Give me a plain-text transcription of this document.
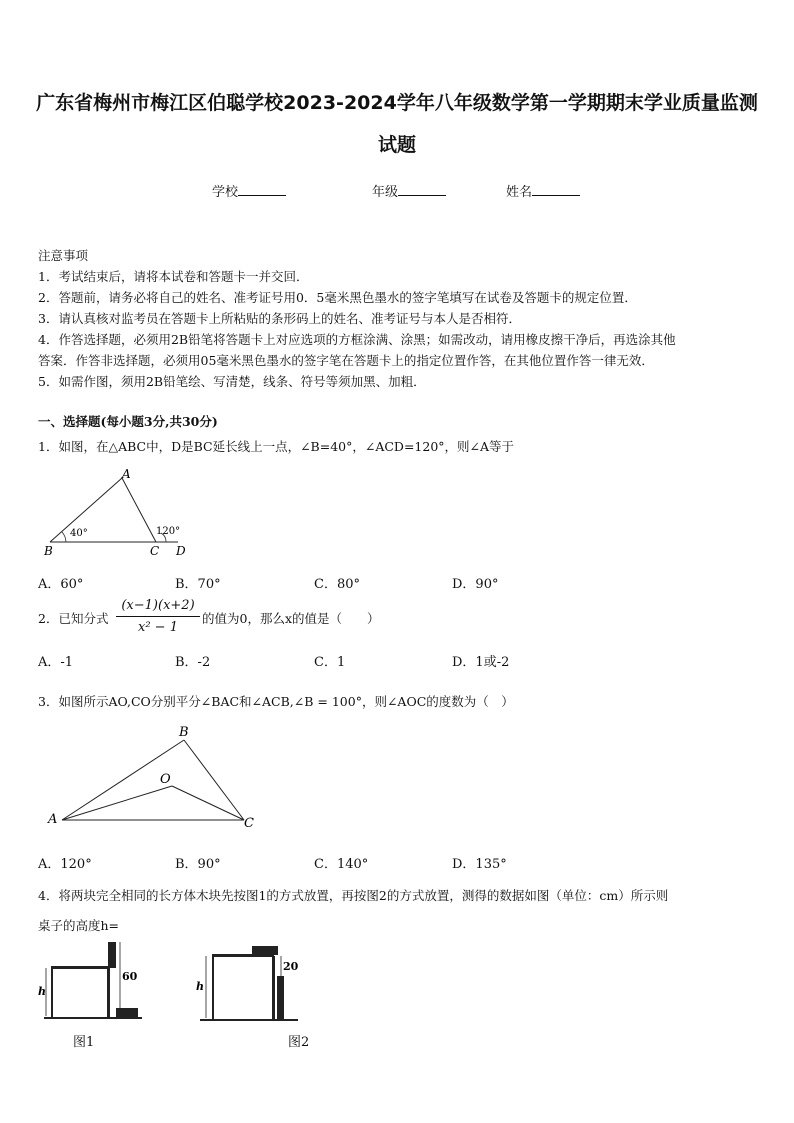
广东省梅州市梅江区伯聪学校2023-2024学年八年级数学第一学期期末学业质量监测
试题
学校	年级	姓名
注意事项
1．考试结束后，请将本试卷和答题卡一并交回．
2．答题前，请务必将自己的姓名、准考证号用0．5毫米黑色墨水的签字笔填写在试卷及答题卡的规定位置．
3．请认真核对监考员在答题卡上所粘贴的条形码上的姓名、准考证号与本人是否相符．
4．作答选择题，必须用2B铅笔将答题卡上对应选项的方框涂满、涂黑；如需改动，请用橡皮擦干净后，再选涂其他
答案．作答非选择题，必须用05毫米黑色墨水的签字笔在答题卡上的指定位置作答，在其他位置作答一律无效．
5．如需作图，须用2B铅笔绘、写清楚，线条、符号等须加黑、加粗．
一、选择题(每小题3分,共30分)
1．如图，在△ABC中，D是BC延长线上一点，∠B=40°，∠ACD=120°，则∠A等于
A
B	C D
40°	120°
A．60°	B．70°	C．80°	D．90°
2．已知分式
(x−1)(x+2)
x² − 1
的值为0，那么x的值是（　　）
A．-1	B．-2	C．1	D．1或-2
3．如图所示AO,CO分别平分∠BAC和∠ACB,∠B = 100°，则∠AOC的度数为（　）
B
O
A	C
A．120°	B．90°	C．140°	D．135°
4．将两块完全相同的长方体木块先按图1的方式放置，再按图2的方式放置，测得的数据如图（单位：cm）所示则
桌子的高度h=
h
60
图1
h
20
图2
